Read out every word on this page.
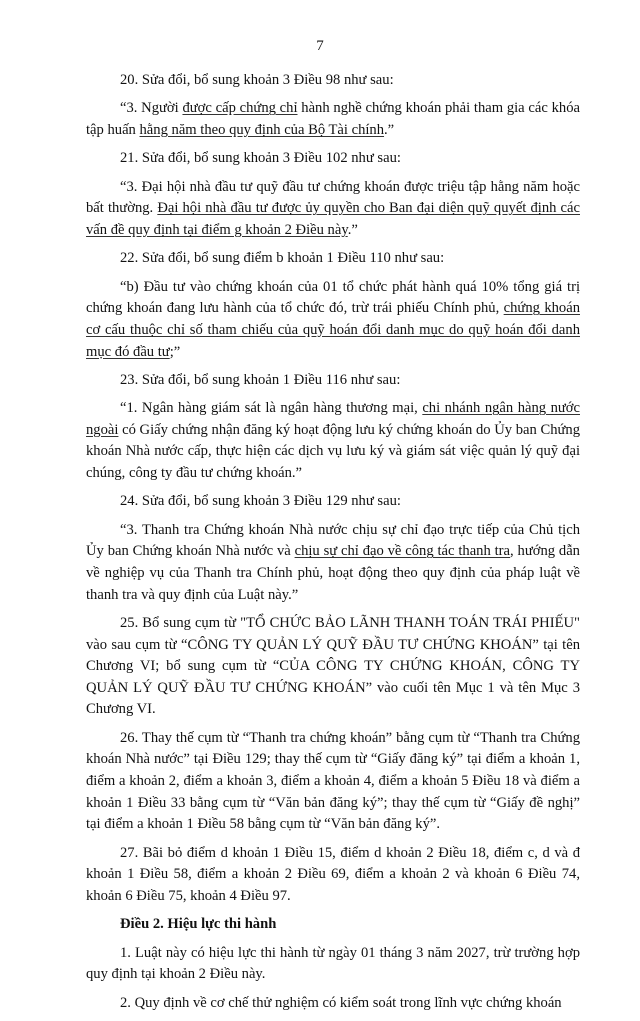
7

20. Sửa đổi, bổ sung khoản 3 Điều 98 như sau:

“3. Người được cấp chứng chỉ hành nghề chứng khoán phải tham gia các khóa tập huấn hằng năm theo quy định của Bộ Tài chính.”

21. Sửa đổi, bổ sung khoản 3 Điều 102 như sau:

“3. Đại hội nhà đầu tư quỹ đầu tư chứng khoán được triệu tập hằng năm hoặc bất thường. Đại hội nhà đầu tư được ủy quyền cho Ban đại diện quỹ quyết định các vấn đề quy định tại điểm g khoản 2 Điều này.”

22. Sửa đổi, bổ sung điểm b khoản 1 Điều 110 như sau:

“b) Đầu tư vào chứng khoán của 01 tổ chức phát hành quá 10% tổng giá trị chứng khoán đang lưu hành của tổ chức đó, trừ trái phiếu Chính phủ, chứng khoán cơ cấu thuộc chỉ số tham chiếu của quỹ hoán đổi danh mục do quỹ hoán đổi danh mục đó đầu tư;”

23. Sửa đổi, bổ sung khoản 1 Điều 116 như sau:

“1. Ngân hàng giám sát là ngân hàng thương mại, chi nhánh ngân hàng nước ngoài có Giấy chứng nhận đăng ký hoạt động lưu ký chứng khoán do Ủy ban Chứng khoán Nhà nước cấp, thực hiện các dịch vụ lưu ký và giám sát việc quản lý quỹ đại chúng, công ty đầu tư chứng khoán.”

24. Sửa đổi, bổ sung khoản 3 Điều 129 như sau:

“3. Thanh tra Chứng khoán Nhà nước chịu sự chỉ đạo trực tiếp của Chủ tịch Ủy ban Chứng khoán Nhà nước và chịu sự chỉ đạo về công tác thanh tra, hướng dẫn về nghiệp vụ của Thanh tra Chính phủ, hoạt động theo quy định của pháp luật về thanh tra và quy định của Luật này.”

25. Bổ sung cụm từ "TỔ CHỨC BẢO LÃNH THANH TOÁN TRÁI PHIẾU" vào sau cụm từ “CÔNG TY QUẢN LÝ QUỸ ĐẦU TƯ CHỨNG KHOÁN” tại tên Chương VI; bổ sung cụm từ “CỦA CÔNG TY CHỨNG KHOÁN, CÔNG TY QUẢN LÝ QUỸ ĐẦU TƯ CHỨNG KHOÁN” vào cuối tên Mục 1 và tên Mục 3 Chương VI.

26. Thay thế cụm từ “Thanh tra chứng khoán” bằng cụm từ “Thanh tra Chứng khoán Nhà nước” tại Điều 129; thay thế cụm từ “Giấy đăng ký” tại điểm a khoản 1, điểm a khoản 2, điểm a khoản 3, điểm a khoản 4, điểm a khoản 5 Điều 18 và điểm a khoản 1 Điều 33 bằng cụm từ “Văn bản đăng ký”; thay thế cụm từ “Giấy đề nghị” tại điểm a khoản 1 Điều 58 bằng cụm từ “Văn bản đăng ký”.

27. Bãi bỏ điểm d khoản 1 Điều 15, điểm d khoản 2 Điều 18, điểm c, d và đ khoản 1 Điều 58, điểm a khoản 2 Điều 69, điểm a khoản 2 và khoản 6 Điều 74, khoản 6 Điều 75, khoản 4 Điều 97.

Điều 2. Hiệu lực thi hành

1. Luật này có hiệu lực thi hành từ ngày 01 tháng 3 năm 2027, trừ trường hợp quy định tại khoản 2 Điều này.

2. Quy định về cơ chế thử nghiệm có kiểm soát trong lĩnh vực chứng khoán
